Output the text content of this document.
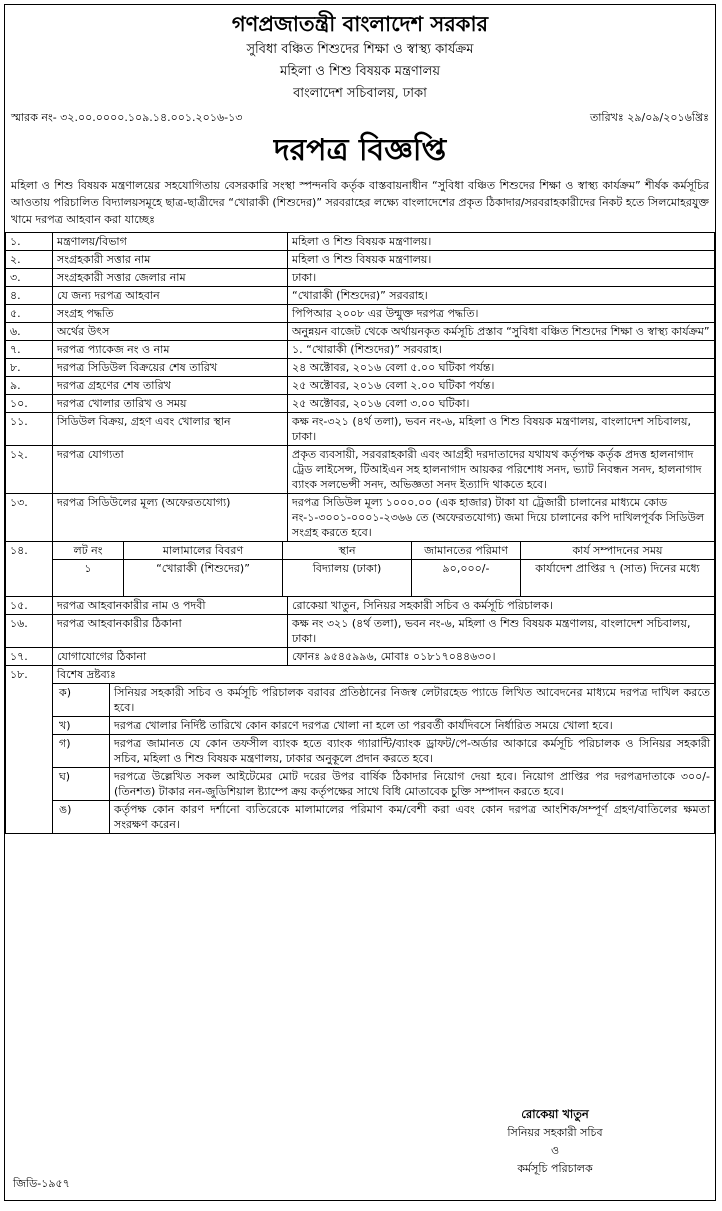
গণপ্রজাতন্ত্রী বাংলাদেশ সরকার
সুবিধা বঞ্চিত শিশুদের শিক্ষা ও স্বাস্থ্য কার্যক্রম
মহিলা ও শিশু বিষয়ক মন্ত্রণালয়
বাংলাদেশ সচিবালয়, ঢাকা
স্মারক নং- ৩২.০০.০০০০.১০৯.১৪.০০১.২০১৬-১৩	তারিখঃ ২৯/০৯/২০১৬খ্রিঃ
দরপত্র বিজ্ঞপ্তি
মহিলা ও শিশু বিষয়ক মন্ত্রণালয়ের সহযোগিতায় বেসরকারি সংস্থা স্পন্দনবি কর্তৃক বাস্তবায়নাধীন “সুবিধা বঞ্চিত শিশুদের শিক্ষা ও স্বাস্থ্য কার্যক্রম” শীর্ষক কর্মসূচির আওতায় পরিচালিত বিদ্যালয়সমূহে ছাত্র-ছাত্রীদের “খোরাকী (শিশুদের)” সরবরাহের লক্ষ্যে বাংলাদেশের প্রকৃত ঠিকাদার/সরবরাহকারীদের নিকট হতে সিলমোহরযুক্ত খামে দরপত্র আহবান করা যাচ্ছেঃ
১.	মন্ত্রণালয়/বিভাগ	মহিলা ও শিশু বিষয়ক মন্ত্রণালয়।
২.	সংগ্রহকারী সত্তার নাম	মহিলা ও শিশু বিষয়ক মন্ত্রণালয়।
৩.	সংগ্রহকারী সত্তার জেলার নাম	ঢাকা।
৪.	যে জন্য দরপত্র আহবান	“খোরাকী (শিশুদের)” সরবরাহ।
৫.	সংগ্রহ পদ্ধতি	পিপিআর ২০০৮ এর উন্মুক্ত দরপত্র পদ্ধতি।
৬.	অর্থের উৎস	অনুন্নয়ন বাজেট থেকে অর্থায়নকৃত কর্মসূচি প্রস্তাব “সুবিধা বঞ্চিত শিশুদের শিক্ষা ও স্বাস্থ্য কার্যক্রম”
৭.	দরপত্র প্যাকেজ নং ও নাম	১. “খোরাকী (শিশুদের)” সরবরাহ।
৮.	দরপত্র সিডিউল বিক্রয়ের শেষ তারিখ	২৪ অক্টোবর, ২০১৬ বেলা ৫.০০ ঘটিকা পর্যন্ত।
৯.	দরপত্র গ্রহণের শেষ তারিখ	২৫ অক্টোবর, ২০১৬ বেলা ২.০০ ঘটিকা পর্যন্ত।
১০.	দরপত্র খোলার তারিখ ও সময়	২৫ অক্টোবর, ২০১৬ বেলা ৩.০০ ঘটিকা।
১১.	সিডিউল বিক্রয়, গ্রহণ এবং খোলার স্থান	কক্ষ নং-৩২১ (৪র্থ তলা), ভবন নং-৬, মহিলা ও শিশু বিষয়ক মন্ত্রণালয়, বাংলাদেশ সচিবালয়, ঢাকা।
১২.	দরপত্র যোগ্যতা	প্রকৃত ব্যবসায়ী, সরবরাহকারী এবং আগ্রহী দরদাতাদের যথাযথ কর্তৃপক্ষ কর্তৃক প্রদত্ত হালনাগাদ ট্রেড লাইসেন্স, টিআইএন সহ হালনাগাদ আয়কর পরিশোধ সনদ, ভ্যাট নিবন্ধন সনদ, হালনাগাদ ব্যাংক সলভেন্সী সনদ, অভিজ্ঞতা সনদ ইত্যাদি থাকতে হবে।
১৩.	দরপত্র সিডিউলের মূল্য (অফেরতযোগ্য)	দরপত্র সিডিউল মূল্য ১০০০.০০ (এক হাজার) টাকা যা ট্রেজারী চালানের মাধ্যমে কোড নং-১-৩০০১-০০০১-২৩৬৬ তে (অফেরতযোগ্য) জমা দিয়ে চালানের কপি দাখিলপূর্বক সিডিউল সংগ্রহ করতে হবে।
১৪.		লট নং	মালামালের বিবরণ	স্থান	জামানতের পরিমাণ	কার্য সম্পাদনের সময়
১	“খোরাকী (শিশুদের)”	বিদ্যালয় (ঢাকা)	৯০,০০০/-	কার্যাদেশ প্রাপ্তির ৭ (সাত) দিনের মধ্যে

১৫.	দরপত্র আহবানকারীর নাম ও পদবী	রোকেয়া খাতুন, সিনিয়র সহকারী সচিব ও কর্মসূচি পরিচালক।
১৬.	দরপত্র আহবানকারীর ঠিকানা	কক্ষ নং ৩২১ (৪র্থ তলা), ভবন নং-৬, মহিলা ও শিশু বিষয়ক মন্ত্রণালয়, বাংলাদেশ সচিবালয়, ঢাকা।
১৭.	যোগাযোগের ঠিকানা	ফোনঃ ৯৫৪৫৯৯৬, মোবাঃ ০১৮১৭০৪৪৬৩০।
১৮.	বিশেষ দ্রষ্টব্যঃ
ক)	সিনিয়র সহকারী সচিব ও কর্মসূচি পরিচালক বরাবর প্রতিষ্ঠানের নিজস্ব লেটারহেড প্যাডে লিখিত আবেদনের মাধ্যমে দরপত্র দাখিল করতে হবে।
খ)	দরপত্র খোলার নির্দিষ্ট তারিখে কোন কারণে দরপত্র খোলা না হলে তা পরবর্তী কার্যদিবসে নির্ধারিত সময়ে খোলা হবে।
গ)	দরপত্র জামানত যে কোন তফসীল ব্যাংক হতে ব্যাংক গ্যারান্টি/ব্যাংক ড্রাফট/পে-অর্ডার আকারে কর্মসূচি পরিচালক ও সিনিয়র সহকারী সচিব, মহিলা ও শিশু বিষয়ক মন্ত্রণালয়, ঢাকার অনুকূলে প্রদান করতে হবে।
ঘ)	দরপত্রে উল্লেখিত সকল আইটেমের মোট দরের উপর বার্ষিক ঠিকাদার নিয়োগ দেয়া হবে। নিয়োগ প্রাপ্তির পর দরপত্রদাতাকে ৩০০/- (তিনশত) টাকার নন-জুডিশিয়াল ষ্ট্যাম্পে ক্রয় কর্তৃপক্ষের সাথে বিধি মোতাবেক চুক্তি সম্পাদন করতে হবে।
ঙ)	কর্তৃপক্ষ কোন কারণ দর্শানো ব্যতিরেকে মালামালের পরিমাণ কম/বেশী করা এবং কোন দরপত্র আংশিক/সম্পূর্ণ গ্রহণ/বাতিলের ক্ষমতা সংরক্ষণ করেন।
রোকেয়া খাতুন
সিনিয়র সহকারী সচিব
ও
কর্মসূচি পরিচালক
জিডি-১৯৫৭
